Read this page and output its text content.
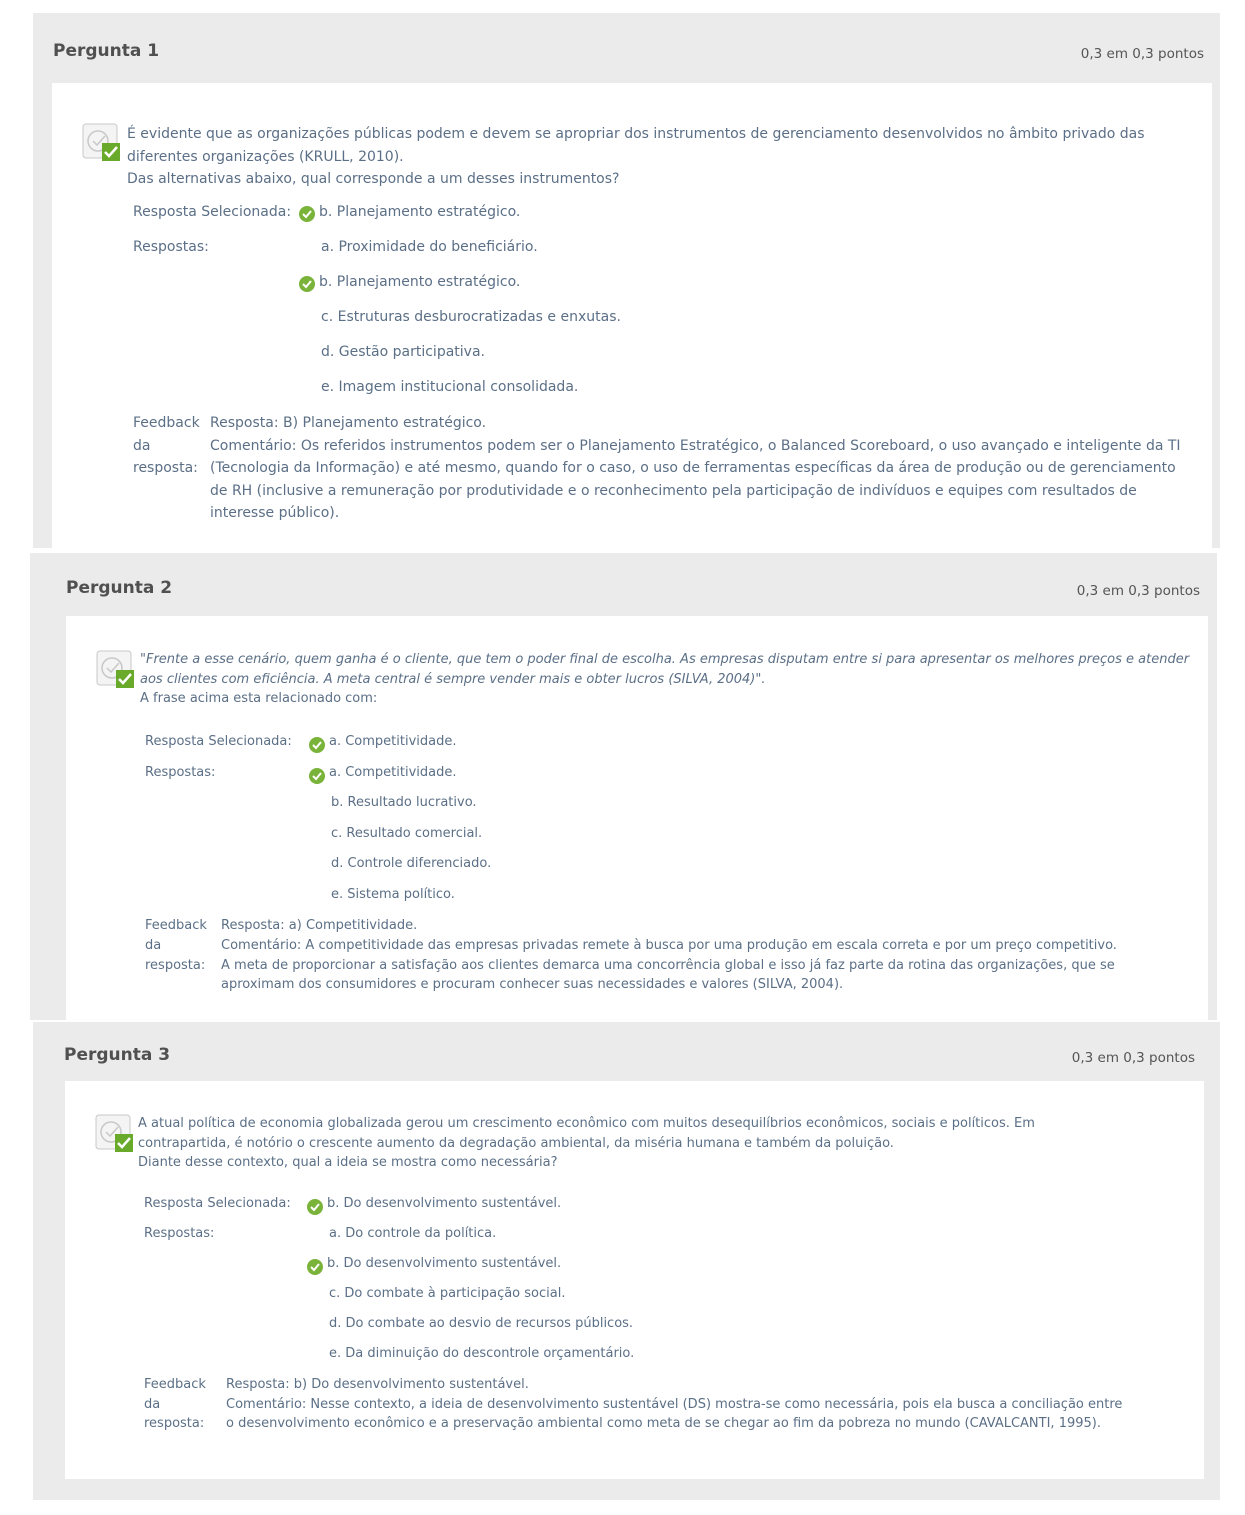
Pergunta 1	0,3 em 0,3 pontos
É evidente que as organizações públicas podem e devem se apropriar dos instrumentos de gerenciamento desenvolvidos no âmbito privado das
diferentes organizações (KRULL, 2010).
Das alternativas abaixo, qual corresponde a um desses instrumentos?
Resposta Selecionada: b. Planejamento estratégico.
Respostas:	a. Proximidade do beneficiário.
b. Planejamento estratégico.
c. Estruturas desburocratizadas e enxutas.
d. Gestão participativa.
e. Imagem institucional consolidada.
Feedback
da
resposta:
Resposta: B) Planejamento estratégico.
Comentário: Os referidos instrumentos podem ser o Planejamento Estratégico, o Balanced Scoreboard, o uso avançado e inteligente da TI
(Tecnologia da Informação) e até mesmo, quando for o caso, o uso de ferramentas específicas da área de produção ou de gerenciamento
de RH (inclusive a remuneração por produtividade e o reconhecimento pela participação de indivíduos e equipes com resultados de
interesse público).
Pergunta 2	0,3 em 0,3 pontos
"Frente a esse cenário, quem ganha é o cliente, que tem o poder final de escolha. As empresas disputam entre si para apresentar os melhores preços e atender
aos clientes com eficiência. A meta central é sempre vender mais e obter lucros (SILVA, 2004)".
A frase acima esta relacionado com:
Resposta Selecionada:	a. Competitividade.
Respostas:	a. Competitividade.
b. Resultado lucrativo.
c. Resultado comercial.
d. Controle diferenciado.
e. Sistema político.
Feedback
da
resposta:
Resposta: a) Competitividade.
Comentário: A competitividade das empresas privadas remete à busca por uma produção em escala correta e por um preço competitivo.
A meta de proporcionar a satisfação aos clientes demarca uma concorrência global e isso já faz parte da rotina das organizações, que se
aproximam dos consumidores e procuram conhecer suas necessidades e valores (SILVA, 2004).
Pergunta 3	0,3 em 0,3 pontos
A atual política de economia globalizada gerou um crescimento econômico com muitos desequilíbrios econômicos, sociais e políticos. Em
contrapartida, é notório o crescente aumento da degradação ambiental, da miséria humana e também da poluição.
Diante desse contexto, qual a ideia se mostra como necessária?
Resposta Selecionada:	b. Do desenvolvimento sustentável.
Respostas:	a. Do controle da política.
b. Do desenvolvimento sustentável.
c. Do combate à participação social.
d. Do combate ao desvio de recursos públicos.
e. Da diminuição do descontrole orçamentário.
Feedback
da
resposta:
Resposta: b) Do desenvolvimento sustentável.
Comentário: Nesse contexto, a ideia de desenvolvimento sustentável (DS) mostra-se como necessária, pois ela busca a conciliação entre
o desenvolvimento econômico e a preservação ambiental como meta de se chegar ao fim da pobreza no mundo (CAVALCANTI, 1995).
